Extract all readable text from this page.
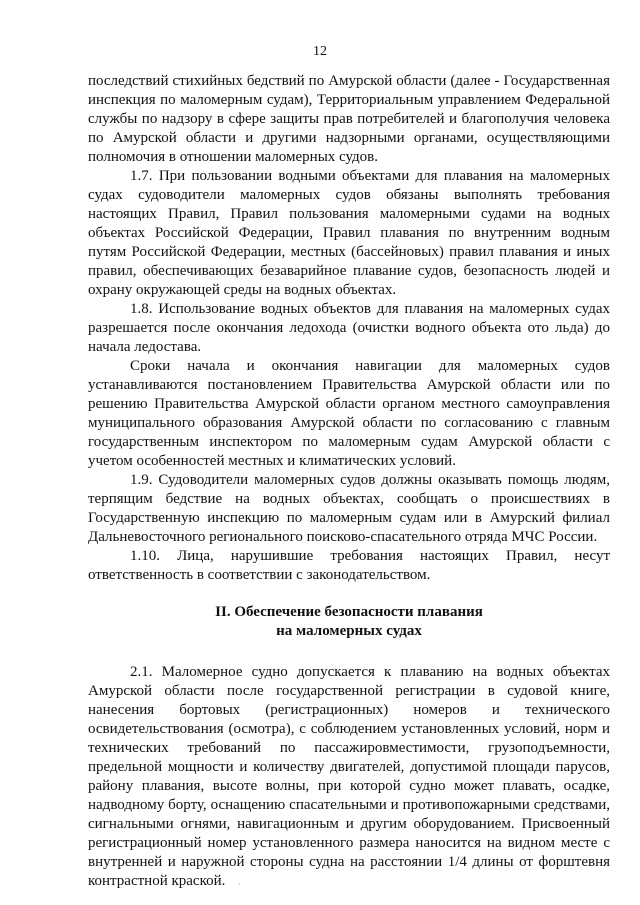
12

последствий стихийных бедствий по Амурской области (далее - Государственная инспекция по маломерным судам), Территориальным управлением Федеральной службы по надзору в сфере защиты прав потребителей и благополучия человека по Амурской области и другими надзорными органами, осуществляющими полномочия в отношении маломерных судов.

1.7. При пользовании водными объектами для плавания на маломерных судах судоводители маломерных судов обязаны выполнять требования настоящих Правил, Правил пользования маломерными судами на водных объектах Российской Федерации, Правил плавания по внутренним водным путям Российской Федерации, местных (бассейновых) правил плавания и иных правил, обеспечивающих безаварийное плавание судов, безопасность людей и охрану окружающей среды на водных объектах.

1.8. Использование водных объектов для плавания на маломерных судах разрешается после окончания ледохода (очистки водного объекта ото льда) до начала ледостава.

Сроки начала и окончания навигации для маломерных судов устанавливаются постановлением Правительства Амурской области или по решению Правительства Амурской области органом местного самоуправления муниципального образования Амурской области по согласованию с главным государственным инспектором по маломерным судам Амурской области с учетом особенностей местных и климатических условий.

1.9. Судоводители маломерных судов должны оказывать помощь людям, терпящим бедствие на водных объектах, сообщать о происшествиях в Государственную инспекцию по маломерным судам или в Амурский филиал Дальневосточного регионального поисково-спасательного отряда МЧС России.

1.10. Лица, нарушившие требования настоящих Правил, несут ответственность в соответствии с законодательством.

II. Обеспечение безопасности плавания
на маломерных судах

2.1. Маломерное судно допускается к плаванию на водных объектах Амурской области после государственной регистрации в судовой книге, нанесения бортовых (регистрационных) номеров и технического освидетельствования (осмотра), с соблюдением установленных условий, норм и технических требований по пассажировместимости, грузоподъемности, предельной мощности и количеству двигателей, допустимой площади парусов, району плавания, высоте волны, при которой судно может плавать, осадке, надводному борту, оснащению спасательными и противопожарными средствами, сигнальными огнями, навигационным и другим оборудованием. Присвоенный регистрационный номер установленного размера наносится на видном месте с внутренней и наружной стороны судна на расстоянии 1/4 длины от форштевня контрастной краской.	·
